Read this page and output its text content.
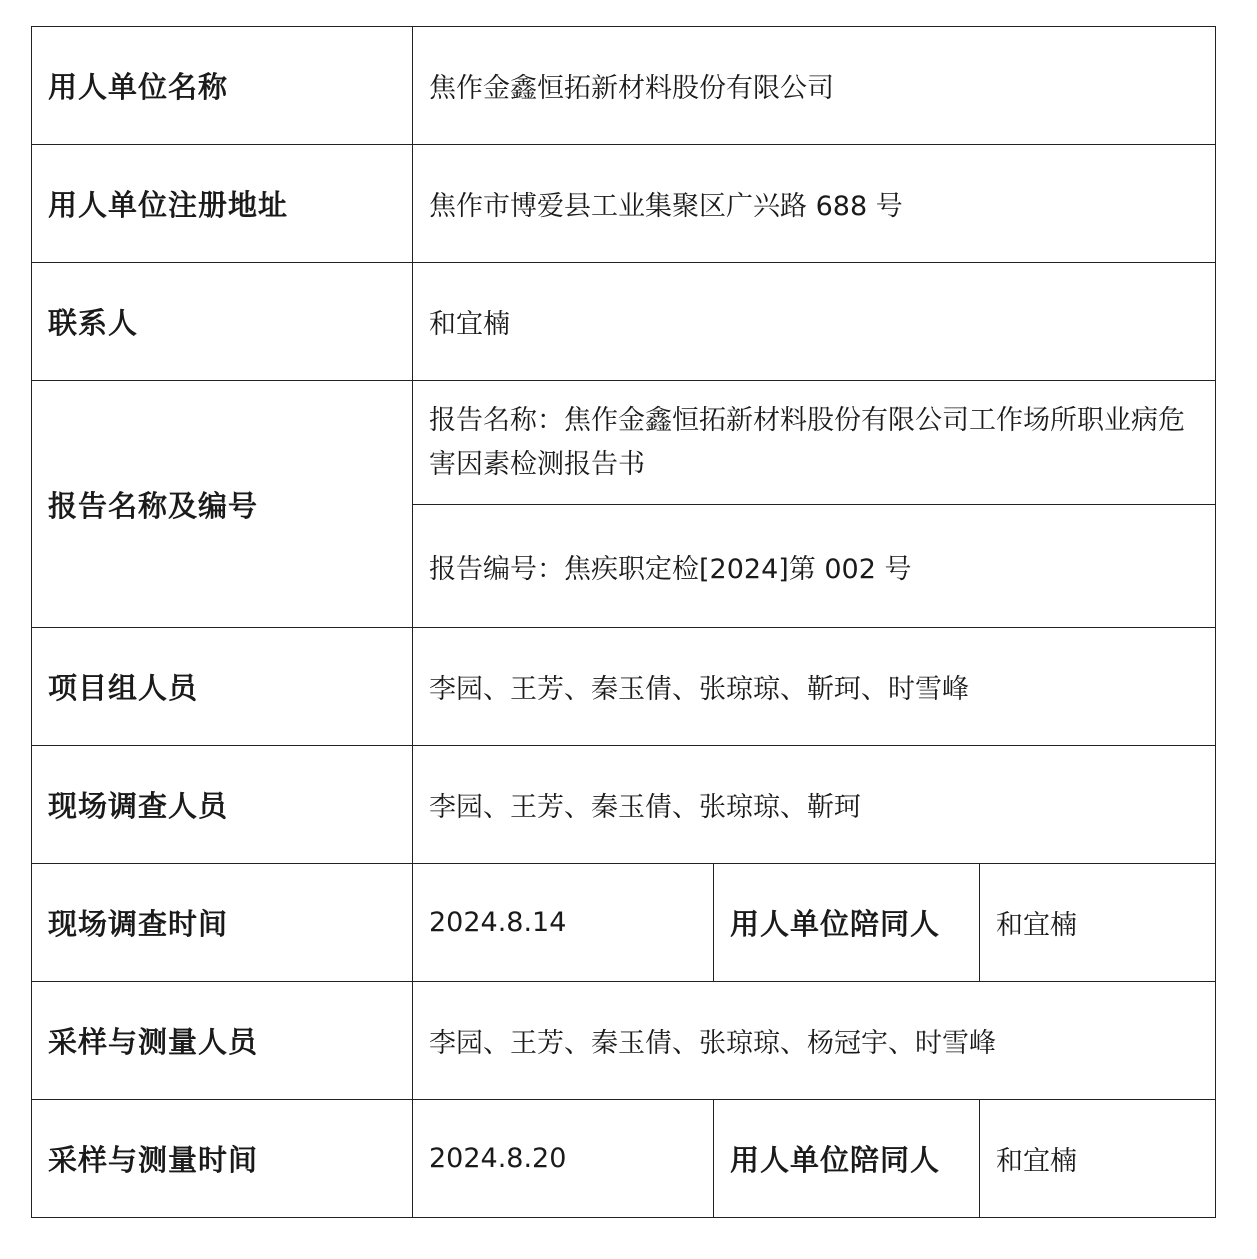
用人单位名称	焦作金鑫恒拓新材料股份有限公司		
用人单位注册地址	焦作市博爱县工业集聚区广兴路 688 号		
联系人	和宜楠		
报告名称及编号	报告名称：焦作金鑫恒拓新材料股份有限公司工作场所职业病危害因素检测报告书		
	报告编号：焦疾职定检[2024]第 002 号		
项目组人员	李园、王芳、秦玉倩、张琼琼、靳珂、时雪峰		
现场调查人员	李园、王芳、秦玉倩、张琼琼、靳珂		
现场调查时间	2024.8.14	用人单位陪同人	和宜楠
采样与测量人员	李园、王芳、秦玉倩、张琼琼、杨冠宇、时雪峰		
采样与测量时间	2024.8.20	用人单位陪同人	和宜楠
